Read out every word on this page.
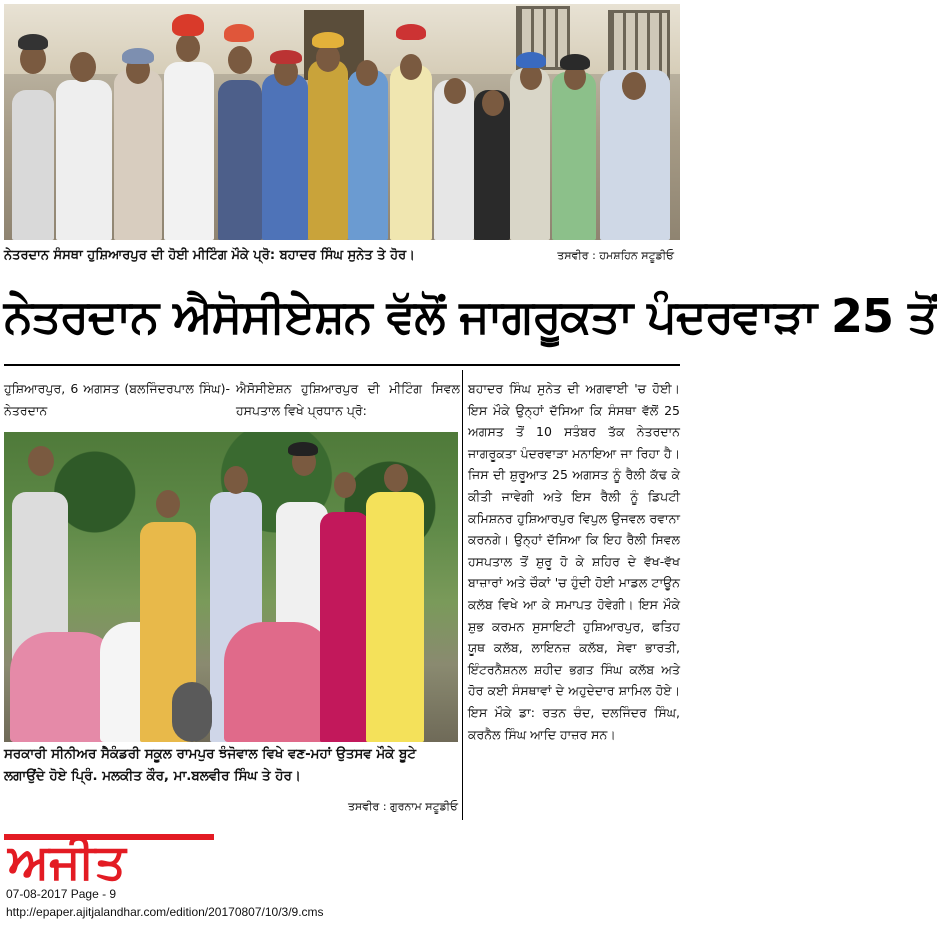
ਨੇਤਰਦਾਨ ਸੰਸਥਾ ਹੁਸ਼ਿਆਰਪੁਰ ਦੀ ਹੋਈ ਮੀਟਿੰਗ ਮੌਕੇ ਪ੍ਰੋ: ਬਹਾਦਰ ਸਿੰਘ ਸੁਨੇਤ ਤੇ ਹੋਰ।	ਤਸਵੀਰ : ਹਮਸ਼ਹਿਨ ਸਟੂਡੀਓ
ਨੇਤਰਦਾਨ ਐਸੋਸੀਏਸ਼ਨ ਵੱਲੋਂ ਜਾਗਰੂਕਤਾ ਪੰਦਰਵਾੜਾ 25 ਤੋਂ

ਹੁਸ਼ਿਆਰਪੁਰ, 6 ਅਗਸਤ (ਬਲਜਿੰਦਰਪਾਲ ਸਿੰਘ)-ਨੇਤਰਦਾਨ

ਐਸੋਸੀਏਸ਼ਨ ਹੁਸ਼ਿਆਰਪੁਰ ਦੀ ਮੀਟਿੰਗ ਸਿਵਲ ਹਸਪਤਾਲ ਵਿਖੇ ਪ੍ਰਧਾਨ ਪ੍ਰੋ:

ਬਹਾਦਰ ਸਿੰਘ ਸੁਨੇਤ ਦੀ ਅਗਵਾਈ 'ਚ ਹੋਈ। ਇਸ ਮੌਕੇ ਉਨ੍ਹਾਂ ਦੱਸਿਆ ਕਿ ਸੰਸਥਾ ਵੱਲੋਂ 25 ਅਗਸਤ ਤੋਂ 10 ਸਤੰਬਰ ਤੱਕ ਨੇਤਰਦਾਨ ਜਾਗਰੂਕਤਾ ਪੰਦਰਵਾੜਾ ਮਨਾਇਆ ਜਾ ਰਿਹਾ ਹੈ। ਜਿਸ ਦੀ ਸ਼ੁਰੂਆਤ 25 ਅਗਸਤ ਨੂੰ ਰੈਲੀ ਕੱਢ ਕੇ ਕੀਤੀ ਜਾਵੇਗੀ ਅਤੇ ਇਸ ਰੈਲੀ ਨੂੰ ਡਿਪਟੀ ਕਮਿਸ਼ਨਰ ਹੁਸ਼ਿਆਰਪੁਰ ਵਿਪੁਲ ਉਜਵਲ ਰਵਾਨਾ ਕਰਨਗੇ। ਉਨ੍ਹਾਂ ਦੱਸਿਆ ਕਿ ਇਹ ਰੈਲੀ ਸਿਵਲ ਹਸਪਤਾਲ ਤੋਂ ਸ਼ੁਰੂ ਹੋ ਕੇ ਸ਼ਹਿਰ ਦੇ ਵੱਖ-ਵੱਖ ਬਾਜ਼ਾਰਾਂ ਅਤੇ ਚੌਕਾਂ 'ਚ ਹੁੰਦੀ ਹੋਈ ਮਾਡਲ ਟਾਊਨ ਕਲੱਬ ਵਿਖੇ ਆ ਕੇ ਸਮਾਪਤ ਹੋਵੇਗੀ। ਇਸ ਮੌਕੇ ਸ਼ੁਭ ਕਰਮਨ ਸੁਸਾਇਟੀ ਹੁਸ਼ਿਆਰਪੁਰ, ਫਤਿਹ ਯੂਥ ਕਲੱਬ, ਲਾਇਨਜ਼ ਕਲੱਬ, ਸੇਵਾ ਭਾਰਤੀ, ਇੰਟਰਨੈਸ਼ਨਲ ਸ਼ਹੀਦ ਭਗਤ ਸਿੰਘ ਕਲੱਬ ਅਤੇ ਹੋਰ ਕਈ ਸੰਸਥਾਵਾਂ ਦੇ ਅਹੁਦੇਦਾਰ ਸ਼ਾਮਿਲ ਹੋਏ। ਇਸ ਮੌਕੇ ਡਾ: ਰਤਨ ਚੰਦ, ਦਲਜਿੰਦਰ ਸਿੰਘ, ਕਰਨੈਲ ਸਿੰਘ ਆਦਿ ਹਾਜ਼ਰ ਸਨ।

ਸਰਕਾਰੀ ਸੀਨੀਅਰ ਸੈਕੰਡਰੀ ਸਕੂਲ ਰਾਮਪੁਰ ਝੰਜੋਵਾਲ ਵਿਖੇ ਵਣ-ਮਹਾਂ ਉਤਸਵ ਮੌਕੇ ਬੂਟੇ ਲਗਾਉਂਦੇ ਹੋਏ ਪ੍ਰਿੰ. ਮਲਕੀਤ ਕੌਰ, ਮਾ.ਬਲਵੀਰ ਸਿੰਘ ਤੇ ਹੋਰ।
ਤਸਵੀਰ : ਗੁਰਨਾਮ ਸਟੂਡੀਓ
ਅਜੀਤ
07-08-2017 Page - 9
http://epaper.ajitjalandhar.com/edition/20170807/10/3/9.cms
